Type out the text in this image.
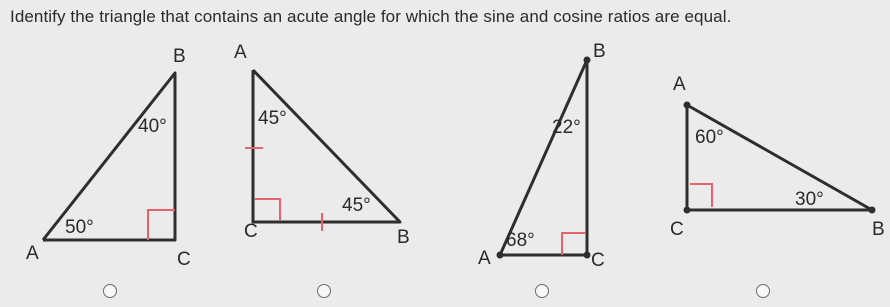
Identify the triangle that contains an acute angle for which the sine and cosine ratios are equal.
B
A	C
40°
50°
A
C	B
45°
45°
B
A	C
22°
68°
A
C	B
60°
30°
